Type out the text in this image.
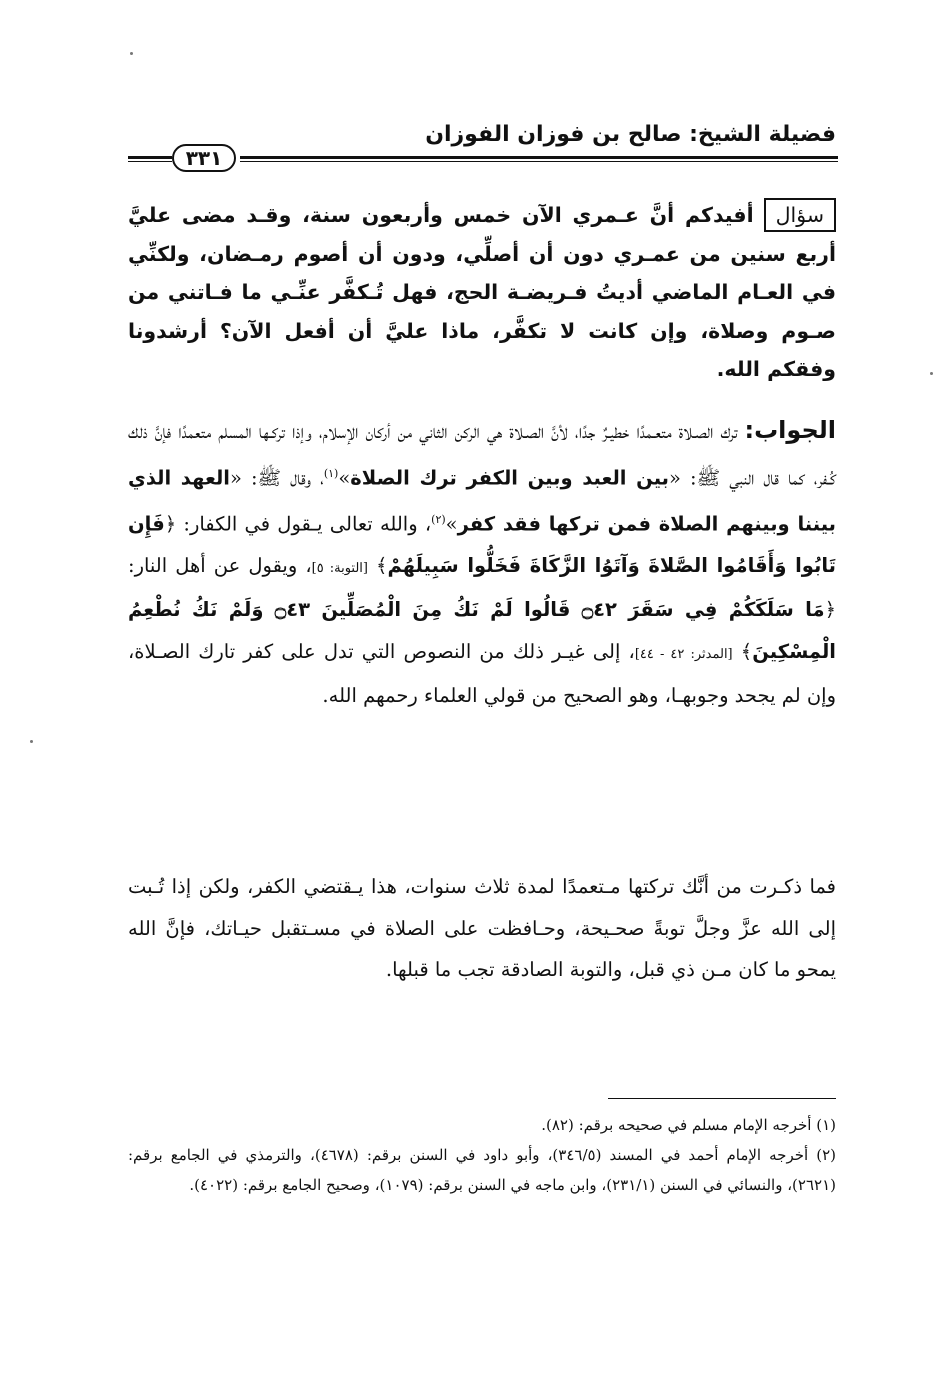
فضيلة الشيخ: صالح بن فوزان الفوزان
٣٣١
سؤالأفيدكم أنَّ عـمري الآن خمس وأربعون سنة، وقـد مضى عليَّ أربع سنين من عمـري دون أن أصلِّي، ودون أن أصوم رمـضان، ولكنِّي في العـام الماضي أديتُ فـريضـة الحج، فهل تُـكفَّر عنِّـي ما فـاتني من صـوم وصلاة، وإن كانت لا تكفَّر، ماذا عليَّ أن أفعل الآن؟ أرشدونا وفقكم الله.
الجواب: ترك الصـلاة متعـمدًا خطيـرٌ جدًا، لأنَّ الصـلاة هي الركن الثاني من أركان الإسلام، وإذا تركـها المسلم متعمدًا فإنَّ ذلك كُـفر، كما قال النبي ﷺ: «بين العبد وبين الكفر ترك الصلاة»$^{(١)}$، وقال ﷺ: «العهد الذي بيننا وبينهم الصلاة فمن تركها فقد كفر»$^{(٢)}$، والله تعالى يـقول في الكفار: ﴿فَإِن تَابُوا وَأَقَامُوا الصَّلاةَ وَآتَوُا الزَّكَاةَ فَخَلُّوا سَبِيلَهُمْ﴾ [التوبة: ٥]، ويقول عن أهل النار: ﴿مَا سَلَكَكُمْ فِي سَقَرَ ۝٤٢ قَالُوا لَمْ نَكُ مِنَ الْمُصَلِّينَ ۝٤٣ وَلَمْ نَكُ نُطْعِمُ الْمِسْكِينَ﴾ [المدثر: ٤٢ - ٤٤]، إلى غيـر ذلك من النصوص التي تدل على كفر تارك الصـلاة، وإن لم يجحد وجوبهـا، وهو الصحيح من قولي العلماء رحمهم الله.
فما ذكـرت من أنَّك تركتها مـتعمدًا لمدة ثلاث سنوات، هذا يـقتضي الكفر، ولكن إذا تُـبت إلى الله عزَّ وجلَّ توبةً صحـيحة، وحـافظت على الصلاة في مسـتقبل حيـاتك، فإنَّ الله يمحو ما كان مـن ذي قبل، والتوبة الصادقة تجب ما قبلها.

(١) أخرجه الإمام مسلم في صحيحه برقم: (٨٢).

(٢) أخرجه الإمام أحمد في المسند (٣٤٦/٥)، وأبو داود في السنن برقم: (٤٦٧٨)، والترمذي في الجامع برقم: (٢٦٢١)، والنسائي في السنن (٢٣١/١)، وابن ماجه في السنن برقم: (١٠٧٩)، وصحيح الجامع برقم: (٤٠٢٢).
